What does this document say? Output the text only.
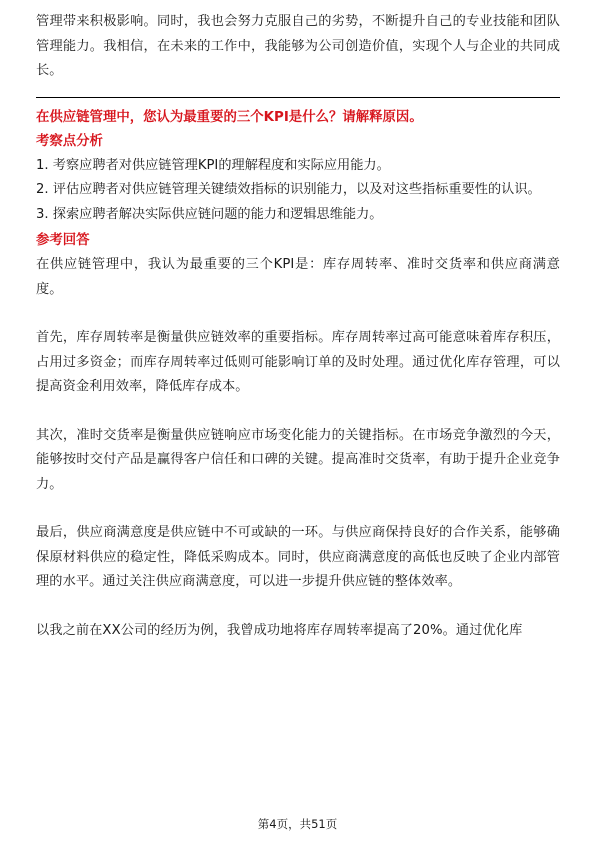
管理带来积极影响。同时，我也会努力克服自己的劣势，不断提升自己的专业技能和团队管理能力。我相信，在未来的工作中，我能够为公司创造价值，实现个人与企业的共同成长。

在供应链管理中，您认为最重要的三个KPI是什么？请解释原因。

考察点分析

1. 考察应聘者对供应链管理KPI的理解程度和实际应用能力。

2. 评估应聘者对供应链管理关键绩效指标的识别能力，以及对这些指标重要性的认识。

3. 探索应聘者解决实际供应链问题的能力和逻辑思维能力。

参考回答

在供应链管理中，我认为最重要的三个KPI是：库存周转率、准时交货率和供应商满意度。

首先，库存周转率是衡量供应链效率的重要指标。库存周转率过高可能意味着库存积压，占用过多资金；而库存周转率过低则可能影响订单的及时处理。通过优化库存管理，可以提高资金利用效率，降低库存成本。

其次，准时交货率是衡量供应链响应市场变化能力的关键指标。在市场竞争激烈的今天，能够按时交付产品是赢得客户信任和口碑的关键。提高准时交货率，有助于提升企业竞争力。

最后，供应商满意度是供应链中不可或缺的一环。与供应商保持良好的合作关系，能够确保原材料供应的稳定性，降低采购成本。同时，供应商满意度的高低也反映了企业内部管理的水平。通过关注供应商满意度，可以进一步提升供应链的整体效率。

以我之前在XX公司的经历为例，我曾成功地将库存周转率提高了20%。通过优化库

第4页，共51页
